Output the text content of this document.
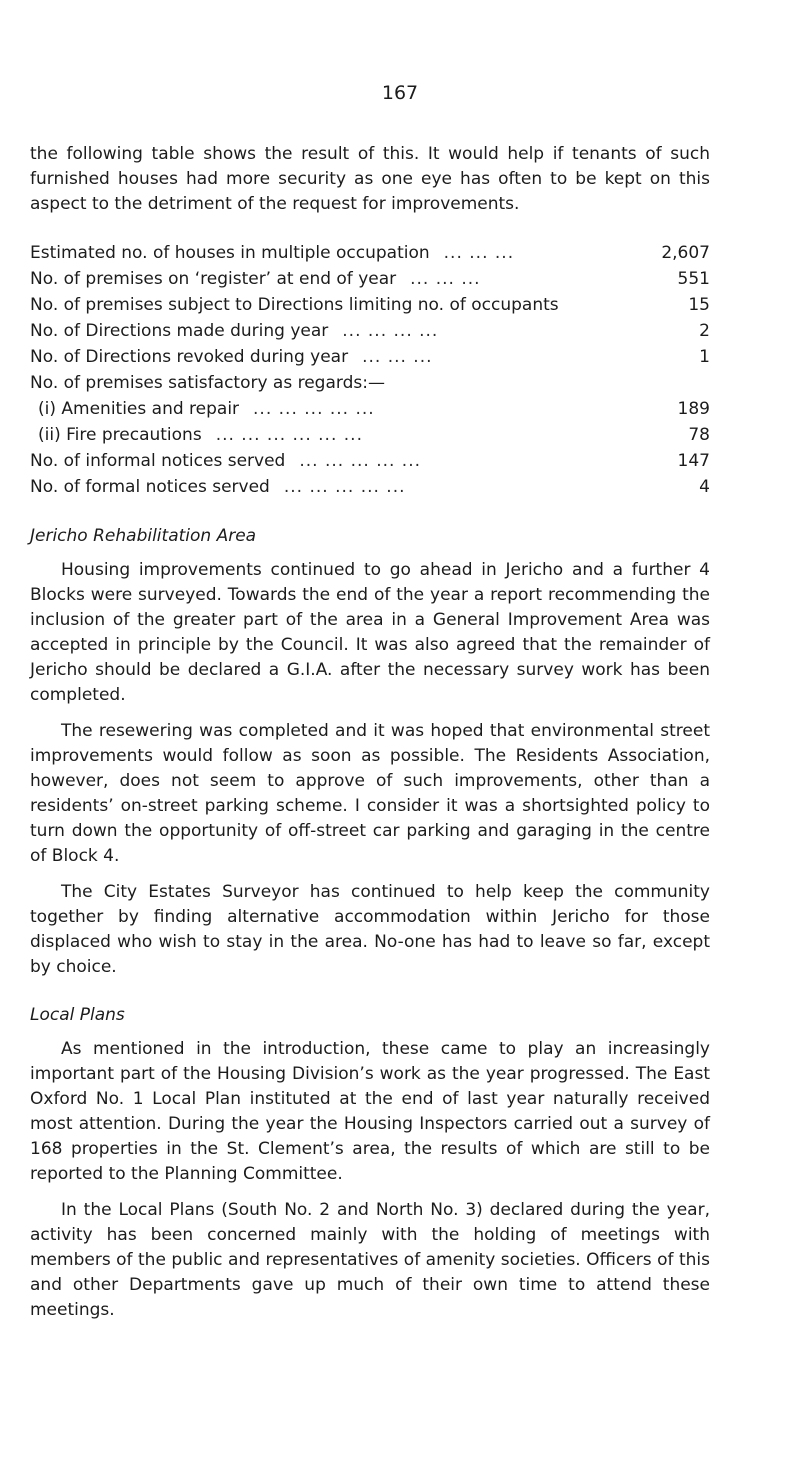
167

the following table shows the result of this. It would help if tenants of such furnished houses had more security as one eye has often to be kept on this aspect to the detriment of the request for improvements.

Estimated no. of houses in multiple occupation ... ... ...	2,607
No. of premises on ‘register’ at end of year ... ... ...	551
No. of premises subject to Directions limiting no. of occupants	15
No. of Directions made during year ... ... ... ...	2
No. of Directions revoked during year ... ... ...	1
No. of premises satisfactory as regards:—
(i) Amenities and repair ... ... ... ... ...	189
(ii) Fire precautions ... ... ... ... ... ...	78
No. of informal notices served ... ... ... ... ...	147
No. of formal notices served ... ... ... ... ...	4
Jericho Rehabilitation Area

Housing improvements continued to go ahead in Jericho and a further 4 Blocks were surveyed. Towards the end of the year a report recommending the inclusion of the greater part of the area in a General Improvement Area was accepted in principle by the Council. It was also agreed that the remainder of Jericho should be declared a G.I.A. after the necessary survey work has been completed.

The resewering was completed and it was hoped that environmental street improvements would follow as soon as possible. The Residents Association, however, does not seem to approve of such improvements, other than a residents’ on-street parking scheme. I consider it was a shortsighted policy to turn down the opportunity of off-street car parking and garaging in the centre of Block 4.

The City Estates Surveyor has continued to help keep the community together by finding alternative accommodation within Jericho for those displaced who wish to stay in the area. No-one has had to leave so far, except by choice.

Local Plans

As mentioned in the introduction, these came to play an increasingly important part of the Housing Division’s work as the year progressed. The East Oxford No. 1 Local Plan instituted at the end of last year naturally received most attention. During the year the Housing Inspectors carried out a survey of 168 properties in the St. Clement’s area, the results of which are still to be reported to the Planning Committee.

In the Local Plans (South No. 2 and North No. 3) declared during the year, activity has been concerned mainly with the holding of meetings with members of the public and representatives of amenity societies. Officers of this and other Departments gave up much of their own time to attend these meetings.
